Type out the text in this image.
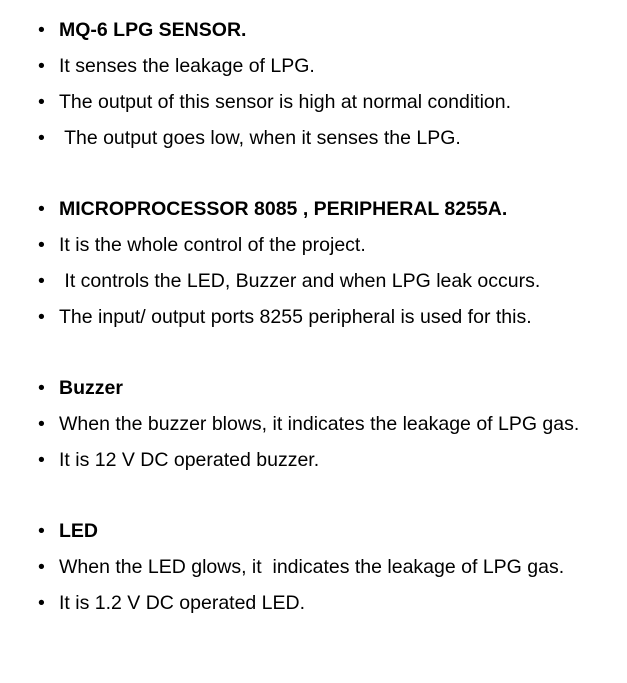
•

MQ-6 LPG SENSOR.

•

It senses the leakage of LPG.

•

The output of this sensor is high at normal condition.

•

The output goes low, when it senses the LPG.

•

MICROPROCESSOR 8085 , PERIPHERAL 8255A.

•

It is the whole control of the project.

•

It controls the LED, Buzzer and when LPG leak occurs.

•

The input/ output ports 8255 peripheral is used for this.

•

Buzzer

•

When the buzzer blows, it indicates the leakage of LPG gas.

•

It is 12 V DC operated buzzer.

•

LED

•

When the LED glows, it  indicates the leakage of LPG gas.

•

It is 1.2 V DC operated LED.
